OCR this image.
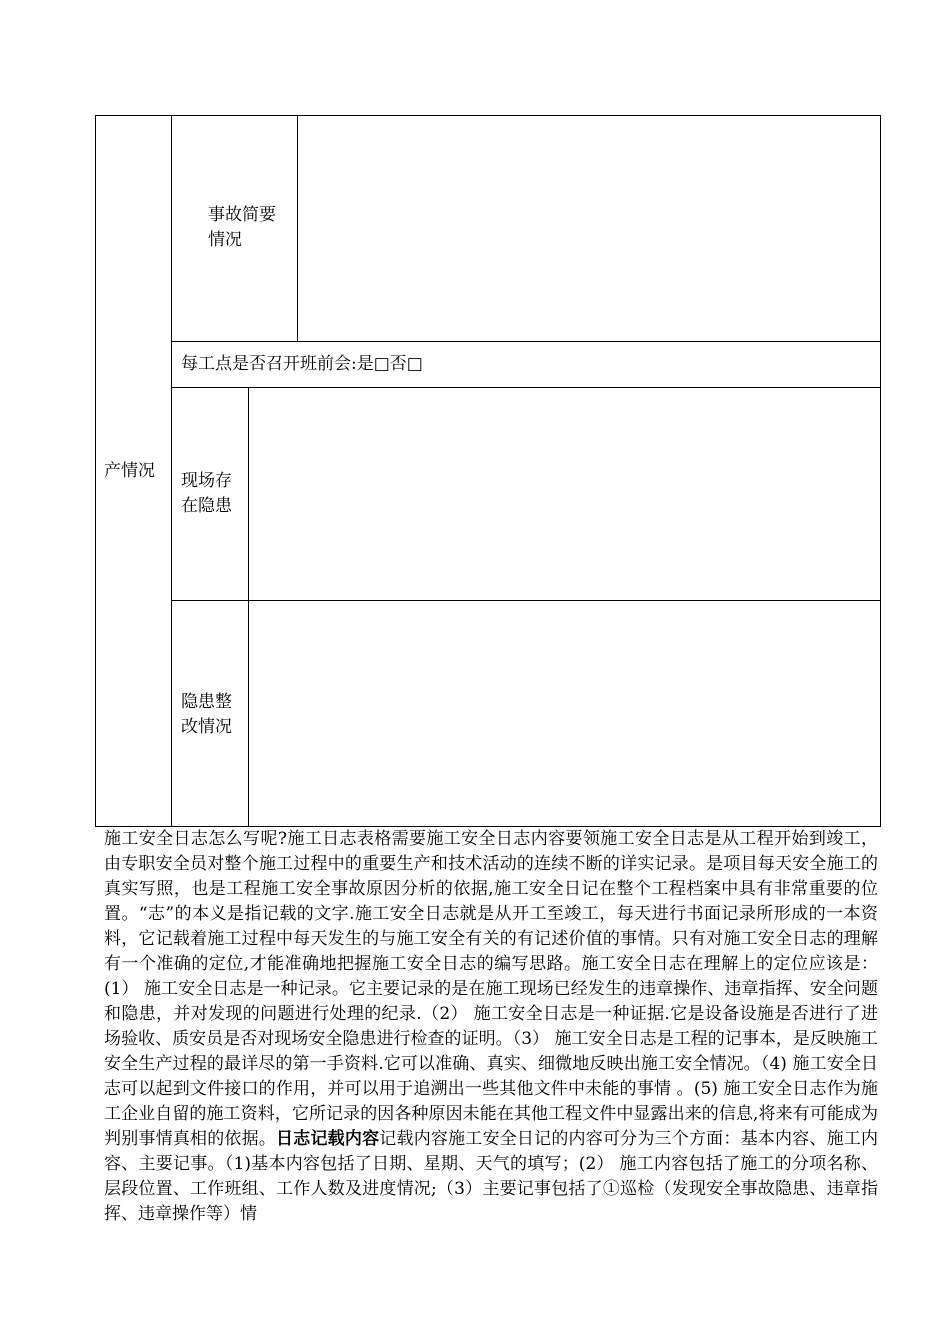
产情况
事故简要情况
每工点是否召开班前会:是□否□
现场存在隐患
隐患整改情况
施工安全日志怎么写呢?施工日志表格需要施工安全日志内容要领施工安全日志是从工程开始到竣工，由专职安全员对整个施工过程中的重要生产和技术活动的连续不断的详实记录。是项目每天安全施工的真实写照，也是工程施工安全事故原因分析的依据,施工安全日记在整个工程档案中具有非常重要的位置。“志”的本义是指记载的文字.施工安全日志就是从开工至竣工，每天进行书面记录所形成的一本资料，它记载着施工过程中每天发生的与施工安全有关的有记述价值的事情。只有对施工安全日志的理解有一个准确的定位,才能准确地把握施工安全日志的编写思路。施工安全日志在理解上的定位应该是：(1） 施工安全日志是一种记录。它主要记录的是在施工现场已经发生的违章操作、违章指挥、安全问题和隐患，并对发现的问题进行处理的纪录.（2） 施工安全日志是一种证据.它是设备设施是否进行了进场验收、质安员是否对现场安全隐患进行检查的证明。（3） 施工安全日志是工程的记事本，是反映施工安全生产过程的最详尽的第一手资料.它可以准确、真实、细微地反映出施工安全情况。（4) 施工安全日志可以起到文件接口的作用，并可以用于追溯出一些其他文件中未能的事情 。(5) 施工安全日志作为施工企业自留的施工资料，它所记录的因各种原因未能在其他工程文件中显露出来的信息,将来有可能成为判别事情真相的依据。日志记载内容记载内容施工安全日记的内容可分为三个方面：基本内容、施工内容、主要记事。（1)基本内容包括了日期、星期、天气的填写；(2） 施工内容包括了施工的分项名称、层段位置、工作班组、工作人数及进度情况;（3）主要记事包括了①巡检（发现安全事故隐患、违章指挥、违章操作等）情
